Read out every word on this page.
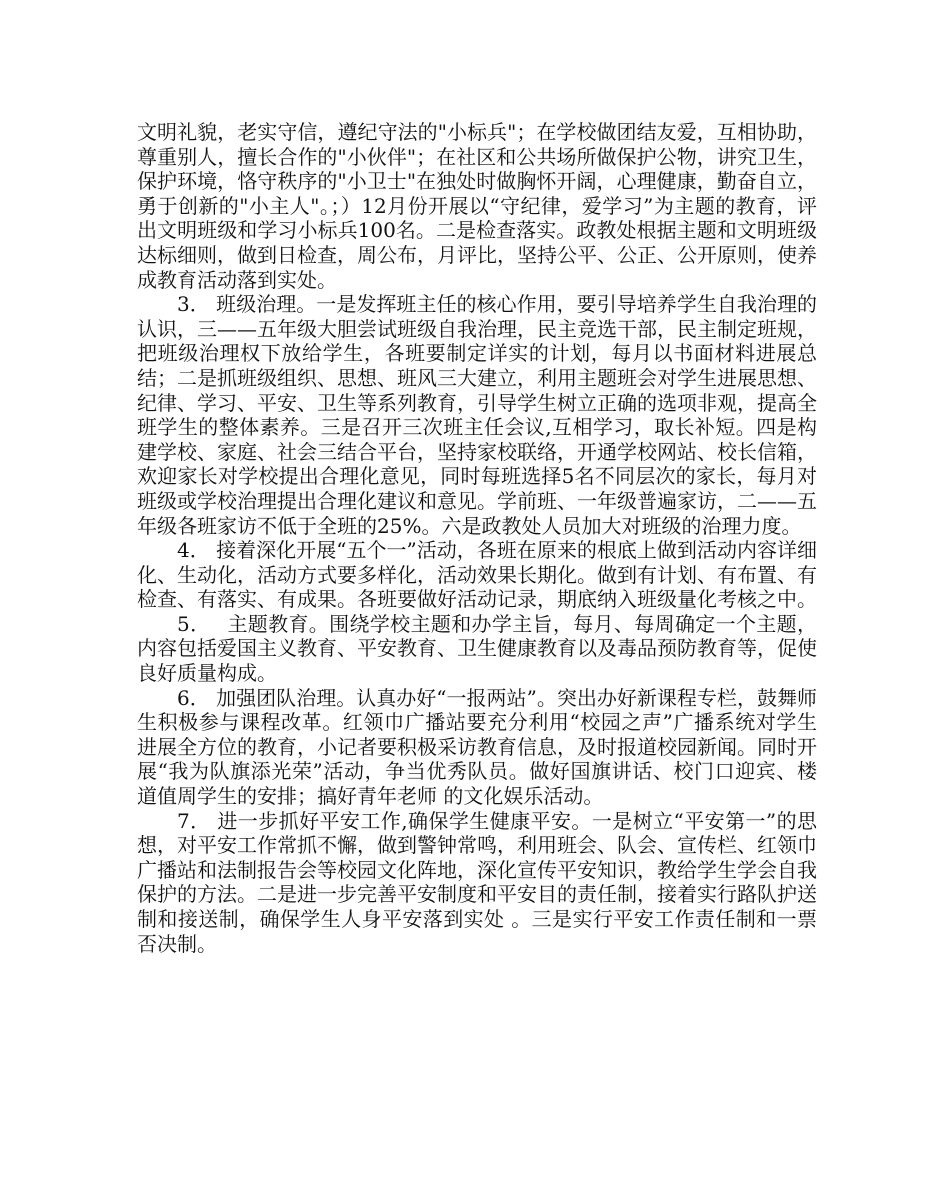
文明礼貌，老实守信，遵纪守法的"小标兵"；在学校做团结友爱，互相协助，尊重别人，擅长合作的"小伙伴"；在社区和公共场所做保护公物，讲究卫生，保护环境，恪守秩序的"小卫士"在独处时做胸怀开阔，心理健康，勤奋自立，勇于创新的"小主人"。；）12月份开展以“守纪律，爱学习”为主题的教育，评出文明班级和学习小标兵100名。二是检查落实。政教处根据主题和文明班级达标细则，做到日检查，周公布，月评比，坚持公平、公正、公开原则，使养成教育活动落到实处。

3． 班级治理。一是发挥班主任的核心作用，要引导培养学生自我治理的认识，三——五年级大胆尝试班级自我治理，民主竞选干部，民主制定班规，把班级治理权下放给学生，各班要制定详实的计划，每月以书面材料进展总结；二是抓班级组织、思想、班风三大建立，利用主题班会对学生进展思想、纪律、学习、平安、卫生等系列教育，引导学生树立正确的选项非观，提高全班学生的整体素养。三是召开三次班主任会议,互相学习，取长补短。四是构建学校、家庭、社会三结合平台，坚持家校联络，开通学校网站、校长信箱，欢迎家长对学校提出合理化意见，同时每班选择5名不同层次的家长，每月对班级或学校治理提出合理化建议和意见。学前班、一年级普遍家访，二——五年级各班家访不低于全班的25%。六是政教处人员加大对班级的治理力度。

4． 接着深化开展“五个一”活动，各班在原来的根底上做到活动内容详细化、生动化，活动方式要多样化，活动效果长期化。做到有计划、有布置、有检查、有落实、有成果。各班要做好活动记录，期底纳入班级量化考核之中。

5．　 主题教育。围绕学校主题和办学主旨，每月、每周确定一个主题，内容包括爱国主义教育、平安教育、卫生健康教育以及毒品预防教育等，促使良好质量构成。

6． 加强团队治理。认真办好“一报两站”。突出办好新课程专栏，鼓舞师生积极参与课程改革。红领巾广播站要充分利用“校园之声”广播系统对学生进展全方位的教育，小记者要积极采访教育信息，及时报道校园新闻。同时开展“我为队旗添光荣”活动，争当优秀队员。做好国旗讲话、校门口迎宾、楼道值周学生的安排；搞好青年老师 的文化娱乐活动。

7． 进一步抓好平安工作,确保学生健康平安。一是树立“平安第一”的思想，对平安工作常抓不懈，做到警钟常鸣，利用班会、队会、宣传栏、红领巾广播站和法制报告会等校园文化阵地，深化宣传平安知识，教给学生学会自我保护的方法。二是进一步完善平安制度和平安目的责任制，接着实行路队护送制和接送制，确保学生人身平安落到实处 。三是实行平安工作责任制和一票否决制。
